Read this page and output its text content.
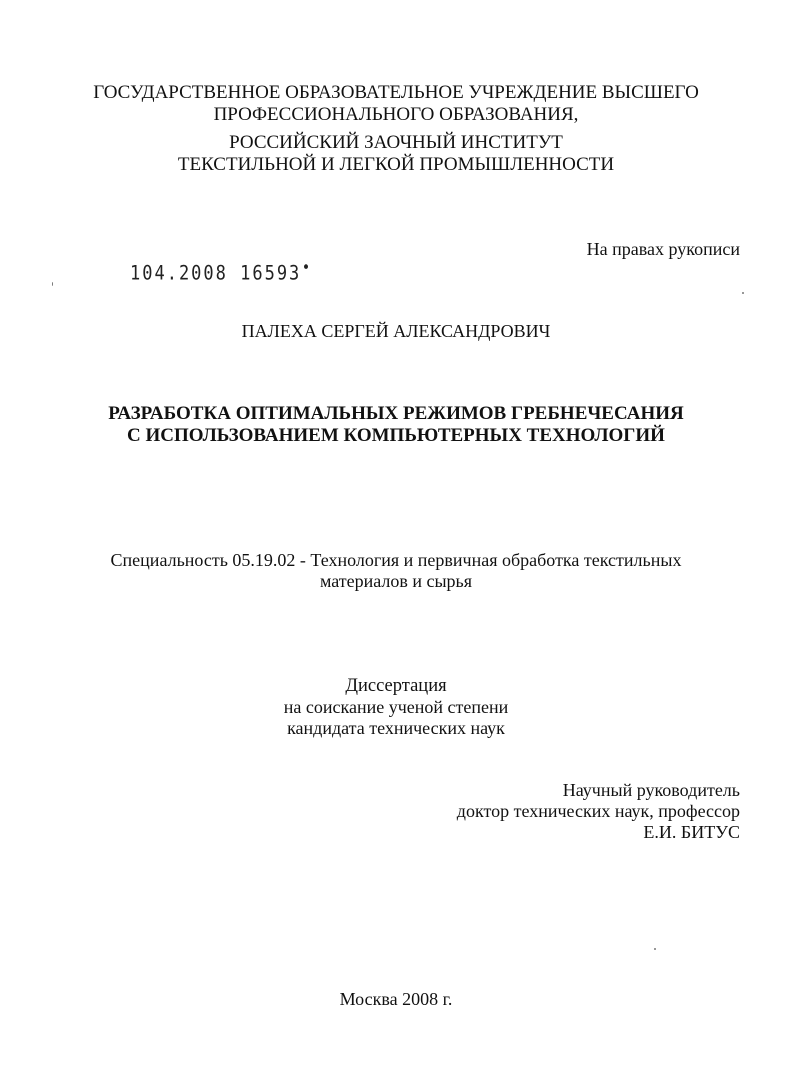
ГОСУДАРСТВЕННОЕ ОБРАЗОВАТЕЛЬНОЕ УЧРЕЖДЕНИЕ ВЫСШЕГО
ПРОФЕССИОНАЛЬНОГО ОБРАЗОВАНИЯ,
РОССИЙСКИЙ ЗАОЧНЫЙ ИНСТИТУТ
ТЕКСТИЛЬНОЙ И ЛЕГКОЙ ПРОМЫШЛЕННОСТИ
На правах рукописи
104.2008 16593
ПАЛЕХА СЕРГЕЙ АЛЕКСАНДРОВИЧ
РАЗРАБОТКА ОПТИМАЛЬНЫХ РЕЖИМОВ ГРЕБНЕЧЕСАНИЯ
С ИСПОЛЬЗОВАНИЕМ КОМПЬЮТЕРНЫХ ТЕХНОЛОГИЙ
Специальность 05.19.02 - Технология и первичная обработка текстильных
материалов и сырья
Диссертация
на соискание ученой степени
кандидата технических наук
Научный руководитель
доктор технических наук, профессор
Е.И. БИТУС
Москва 2008 г.
